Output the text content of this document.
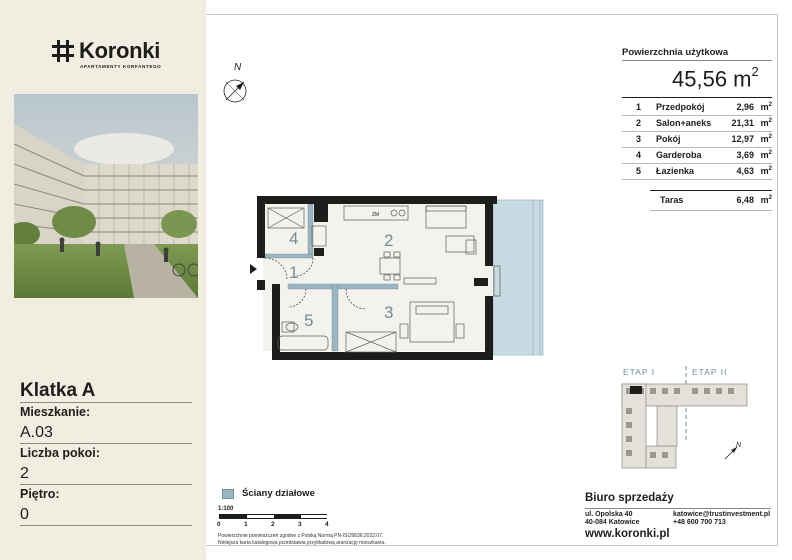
Koronki
APARTAMENTY KORFANTEGO
Klatka A
Mieszkanie:
A.03
Liczba pokoi:
2
Piętro:
0
Powierzchnia użytkowa
45,56 $m^2$
1 Przedpokój	2,96 $m^2$
2 Salon+aneks 21,31 $m^2$
3 Pokój	12,97 $m^2$
4 Garderoba	3,69 $m^2$
5 Łazienka	4,63 $m^2$
Taras	6,48 $m^2$
N
ZM
1
2
3
4
5
ETAP I	ETAP II
N
Ściany działowe
1:100
0	1	2	3	4
Powierzchnie pomieszczeń zgodne z Polską Normą PN-ISO9836:2022:07.
Niniejsza karta katalogowa przedstawia przykładową aranżację mieszkania.
Biuro sprzedaży
ul. Opolska 40
40-084 Katowice
katowice@trustinvestment.pl
+48 600 700 713
www.koronki.pl
